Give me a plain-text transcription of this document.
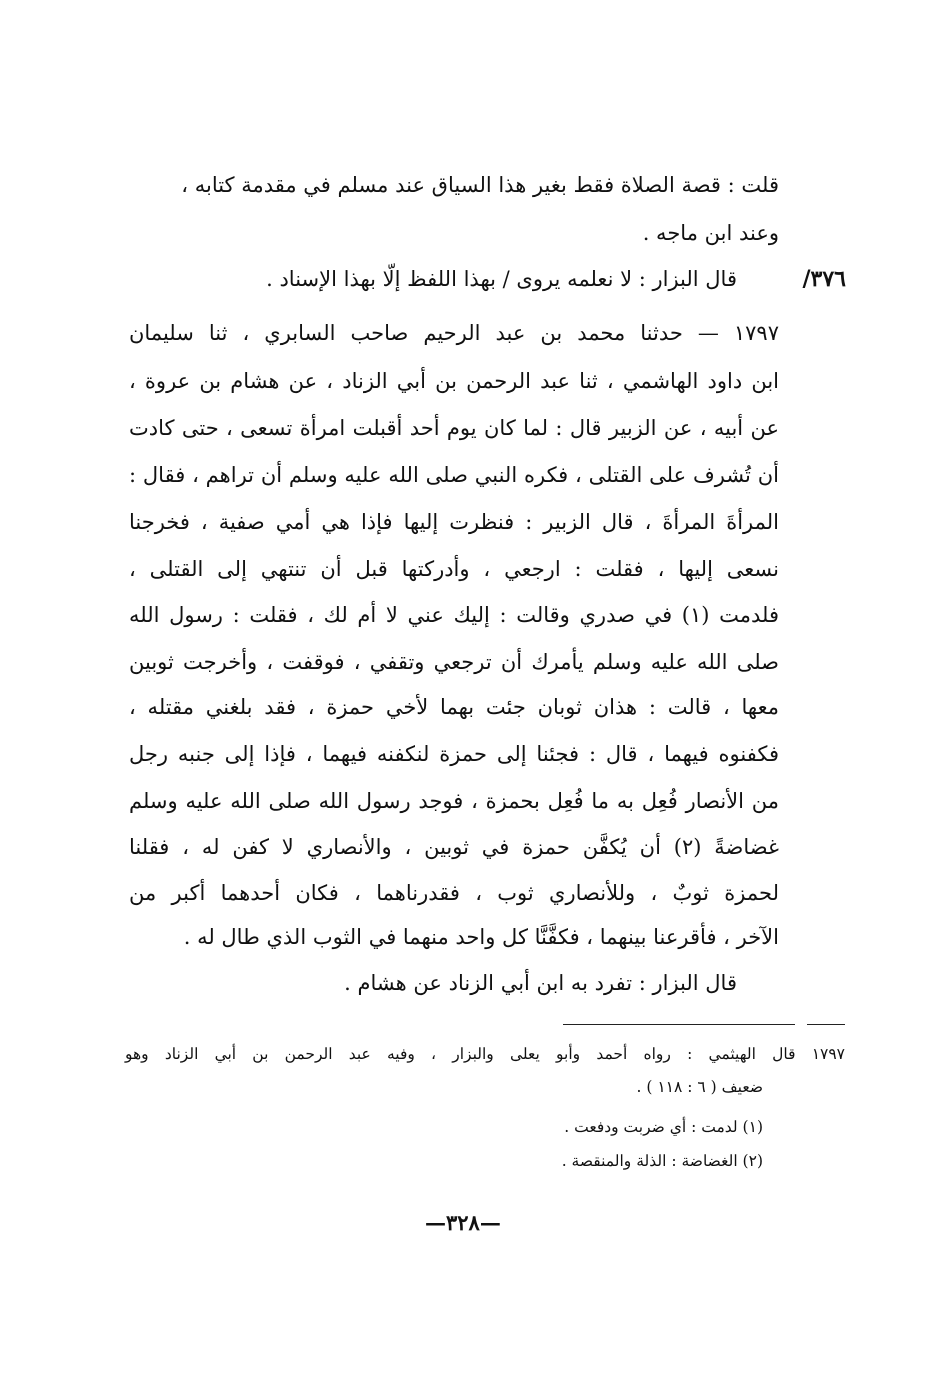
قلت : قصة الصلاة فقط بغير هذا السياق عند مسلم في مقدمة كتابه ،
وعند ابن ماجه .
٣٧٦/
قال البزار : لا نعلمه يروى / بهذا اللفظ إلّا بهذا الإسناد .
١٧٩٧ — حدثنا محمد بن عبد الرحيم صاحب السابري ، ثنا سليمان
ابن داود الهاشمي ، ثنا عبد الرحمن بن أبي الزناد ، عن هشام بن عروة ،
عن أبيه ، عن الزبير قال : لما كان يوم أحد أقبلت امرأة تسعى ، حتى كادت
أن تُشرف على القتلى ، فكره النبي صلى الله عليه وسلم أن تراهم ، فقال :
المرأةَ المرأةَ ، قال الزبير : فنظرت إليها فإذا هي أمي صفية ، فخرجنا
نسعى إليها ، فقلت : ارجعي ، وأدركتها قبل أن تنتهي إلى القتلى ،
فلدمت (١) في صدري وقالت : إليك عني لا أم لك ، فقلت : رسول الله
صلى الله عليه وسلم يأمرك أن ترجعي وتقفي ، فوقفت ، وأخرجت ثوبين
معها ، قالت : هذان ثوبان جئت بهما لأخي حمزة ، فقد بلغني مقتله ،
فكفنوه فيهما ، قال : فجئنا إلى حمزة لنكفنه فيهما ، فإذا إلى جنبه رجل
من الأنصار فُعِل به ما فُعِل بحمزة ، فوجد رسول الله صلى الله عليه وسلم
غضاضةً (٢) أن يُكفَّن حمزة في ثوبين ، والأنصاري لا كفن له ، فقلنا
لحمزة ثوبٌ ، وللأنصاري ثوب ، فقدرناهما ، فكان أحدهما أكبر من
الآخر ، فأقرعنا بينهما ، فكفَّنَّا كل واحد منهما في الثوب الذي طال له .
قال البزار : تفرد به ابن أبي الزناد عن هشام .
١٧٩٧ قال الهيثمي : رواه أحمد وأبو يعلى والبزار ، وفيه عبد الرحمن بن أبي الزناد وهو
ضعيف ( ٦ : ١١٨ ) .
(١) لدمت : أي ضربت ودفعت .
(٢) الغضاضة : الذلة والمنقصة .
—٣٢٨—
